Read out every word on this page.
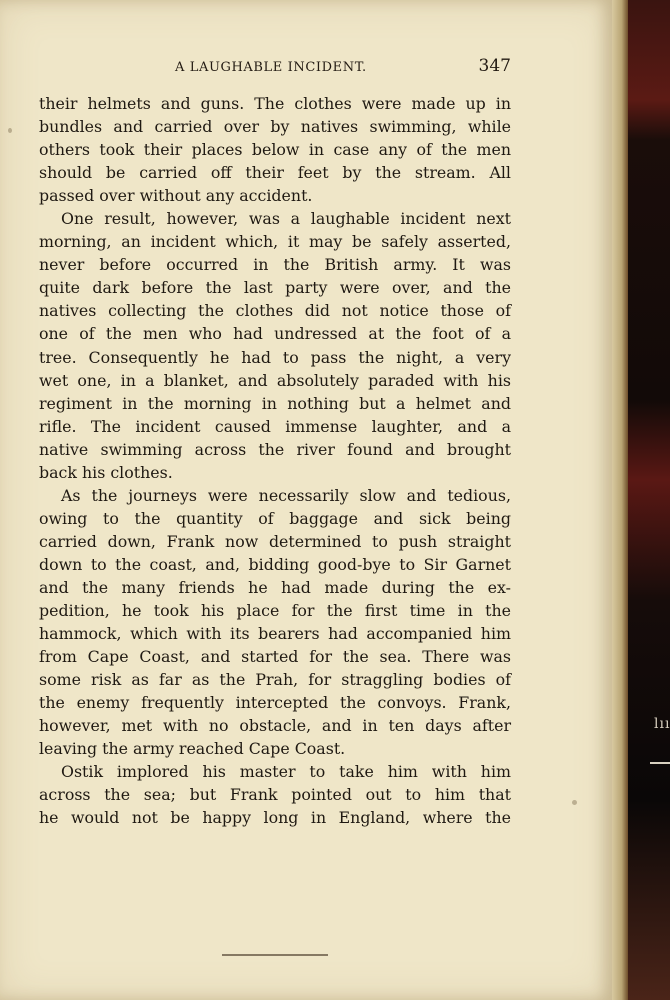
A LAUGHABLE INCIDENT.	347
their helmets and guns. The clothes were made up in
bundles and carried over by natives swimming, while
others took their places below in case any of the men
should be carried off their feet by the stream. All
passed over without any accident.
One result, however, was a laughable incident next
morning, an incident which, it may be safely asserted,
never before occurred in the British army. It was
quite dark before the last party were over, and the
natives collecting the clothes did not notice those of
one of the men who had undressed at the foot of a
tree. Consequently he had to pass the night, a very
wet one, in a blanket, and absolutely paraded with his
regiment in the morning in nothing but a helmet and
rifle. The incident caused immense laughter, and a
native swimming across the river found and brought
back his clothes.
As the journeys were necessarily slow and tedious,
owing to the quantity of baggage and sick being
carried down, Frank now determined to push straight
down to the coast, and, bidding good-bye to Sir Garnet
and the many friends he had made during the ex-
pedition, he took his place for the first time in the
hammock, which with its bearers had accompanied him
from Cape Coast, and started for the sea. There was
some risk as far as the Prah, for straggling bodies of
the enemy frequently intercepted the convoys. Frank,
however, met with no obstacle, and in ten days after
leaving the army reached Cape Coast.
Ostik implored his master to take him with him
across the sea; but Frank pointed out to him that
he would not be happy long in England, where the
lıı
